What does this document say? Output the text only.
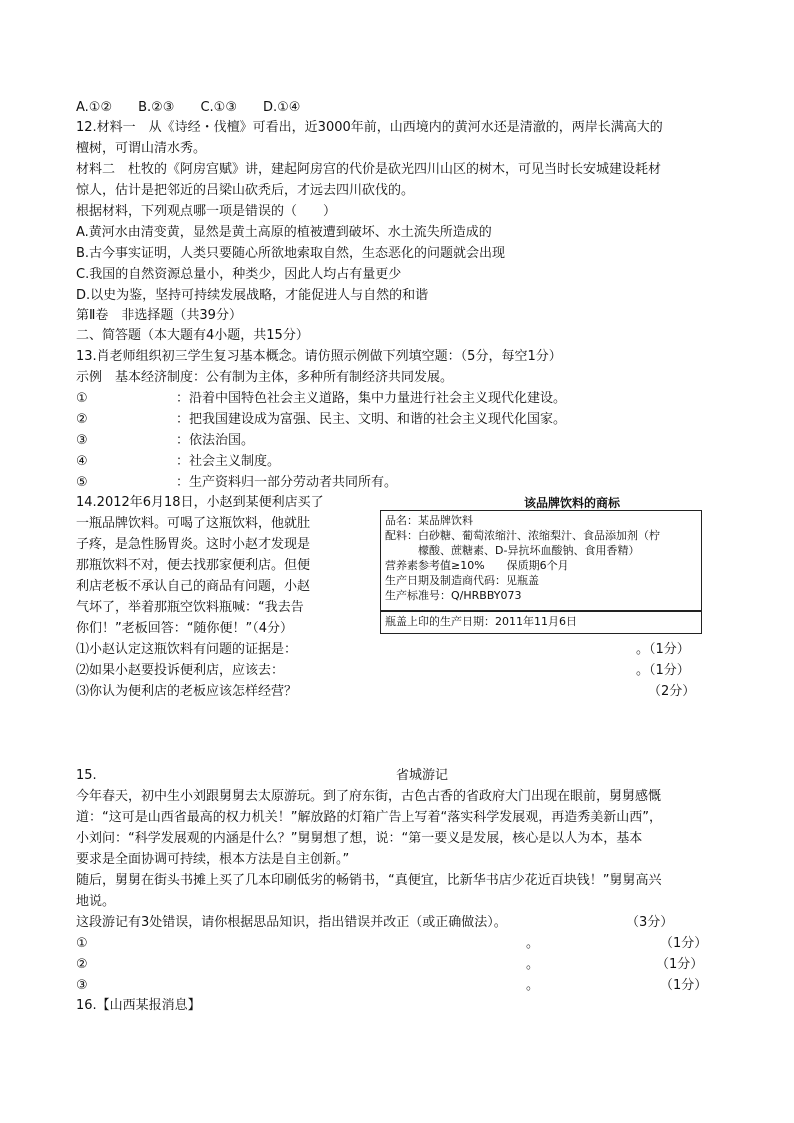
A.①②　　B.②③　　C.①③　　D.①④
12.材料一　从《诗经・伐檀》可看出，近3000年前，山西境内的黄河水还是清澈的，两岸长满高大的
檀树，可谓山清水秀。
材料二　杜牧的《阿房宫赋》讲，建起阿房宫的代价是砍光四川山区的树木，可见当时长安城建设耗材
惊人，估计是把邻近的吕梁山砍秃后，才远去四川砍伐的。
根据材料，下列观点哪一项是错误的（　　）
A.黄河水由清变黄，显然是黄土高原的植被遭到破坏、水土流失所造成的
B.古今事实证明，人类只要随心所欲地索取自然，生态恶化的问题就会出现
C.我国的自然资源总量小，种类少，因此人均占有量更少
D.以史为鉴，坚持可持续发展战略，才能促进人与自然的和谐
第Ⅱ卷　非选择题（共39分）
二、简答题（本大题有4小题，共15分）
13.肖老师组织初三学生复习基本概念。请仿照示例做下列填空题：（5分，每空1分）
示例　基本经济制度：公有制为主体，多种所有制经济共同发展。
①	：沿着中国特色社会主义道路，集中力量进行社会主义现代化建设。
②	：把我国建设成为富强、民主、文明、和谐的社会主义现代化国家。
③	：依法治国。
④	：社会主义制度。
⑤	：生产资料归一部分劳动者共同所有。
14.2012年6月18日，小赵到某便利店买了
一瓶品牌饮料。可喝了这瓶饮料，他就肚
子疼，是急性肠胃炎。这时小赵才发现是
那瓶饮料不对，便去找那家便利店。但便
利店老板不承认自己的商品有问题，小赵
气坏了，举着那瓶空饮料瓶喊：“我去告
你们！”老板回答：“随你便！”（4分）
该品牌饮料的商标
品名：某品牌饮料
配料：白砂糖、葡萄浓缩汁、浓缩梨汁、食品添加剂（柠
　　　檬酸、蔗糖素、D-异抗坏血酸钠、食用香精）
营养素参考值≥10%　　保质期6个月
生产日期及制造商代码：见瓶盖
生产标准号：Q/HRBBY073
瓶盖上印的生产日期：2011年11月6日
⑴小赵认定这瓶饮料有问题的证据是：	。（1分）
⑵如果小赵要投诉便利店，应该去：	。（1分）
⑶你认为便利店的老板应该怎样经营？	（2分）
15.	省城游记
今年春天，初中生小刘跟舅舅去太原游玩。到了府东街，古色古香的省政府大门出现在眼前，舅舅感慨
道：“这可是山西省最高的权力机关！”解放路的灯箱广告上写着“落实科学发展观，再造秀美新山西”，
小刘问：“科学发展观的内涵是什么？”舅舅想了想，说：“第一要义是发展，核心是以人为本，基本
要求是全面协调可持续，根本方法是自主创新。”
随后，舅舅在街头书摊上买了几本印刷低劣的畅销书，“真便宜，比新华书店少花近百块钱！”舅舅高兴
地说。
这段游记有3处错误，请你根据思品知识，指出错误并改正（或正确做法）。	（3分）
①	。	（1分）
②	。	（1分）
③	。	（1分）
16.【山西某报消息】
